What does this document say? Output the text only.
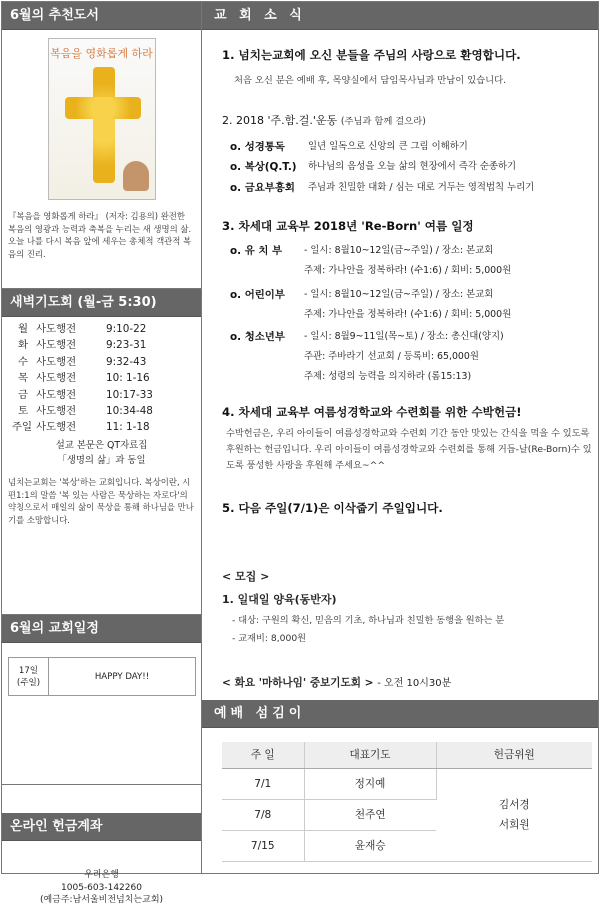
6월의 추천도서
복음을 영화롭게 하라
『복음을 영화롭게 하라』 (저자: 김용의) 완전한 복음의 영광과 능력과 축복을 누리는 새 생명의 삶. 오늘 나를 다시 복음 앞에 세우는 총체적 객관적 복음의 진리.
새벽기도회 (월-금 5:30)
월 사도행전	9:10-22
화 사도행전	9:23-31
수 사도행전	9:32-43
목 사도행전	10: 1-16
금 사도행전	10:17-33
토 사도행전	10:34-48
주일 사도행전	11: 1-18
설교 본문은 QT자료집
「생명의 삶」과 동일
넘치는교회는 '복상'하는 교회입니다. 복상이란, 시편1:1의 말씀 '복 있는 사람은 묵상하는 자로다'의 약칭으로서 매일의 삶이 묵상을 통해 하나님을 만나기를 소망합니다.
6월의 교회일정
17일
(주일)
	HAPPY DAY!!
온라인 헌금계좌
우리은행
1005-603-142260
(예금주:남서울비전넘치는교회)
교 회 소 식
1. 넘치는교회에 오신 분들을 주님의 사랑으로 환영합니다.
처음 오신 분은 예배 후, 목양실에서 담임목사님과 만남이 있습니다.
2. 2018 '주.함.걸.'운동 (주님과 함께 걸으라)
o. 성경통독	일년 일독으로 신앙의 큰 그림 이해하기
o. 복상(Q.T.)	하나님의 음성을 오늘 삶의 현장에서 즉각 순종하기
o. 금요부흥회	주님과 친밀한 대화 / 심는 대로 거두는 영적법칙 누리기
3. 차세대 교육부 2018년 'Re-Born' 여름 일정
o. 유 치 부	- 일시: 8월10~12일(금~주일) / 장소: 본교회
주제: 가나안을 정복하라! (수1:6) / 회비: 5,000원
o. 어린이부	- 일시: 8월10~12일(금~주일) / 장소: 본교회
주제: 가나안을 정복하라! (수1:6) / 회비: 5,000원
o. 청소년부	- 일시: 8월9~11일(목~토) / 장소: 총신대(양지)
주관: 주바라기 선교회 / 등록비: 65,000원
주제: 성령의 능력을 의지하라 (롬15:13)
4. 차세대 교육부 여름성경학교와 수련회를 위한 수박헌금!
수박헌금은, 우리 아이들이 여름성경학교와 수련회 기간 동안 맛있는 간식을 먹을 수 있도록 후원하는 헌금입니다. 우리 아이들이 여름성경학교와 수련회를 통해 거듭-날(Re-Born)수 있도록 풍성한 사랑을 후원해 주세요~^^
5. 다음 주일(7/1)은 이삭줍기 주일입니다.
< 모집 >
1. 일대일 양육(동반자)
- 대상: 구원의 확신, 믿음의 기초, 하나님과 친밀한 동행을 원하는 분
- 교재비: 8,000원
< 화요 '마하나임' 중보기도회 > - 오전 10시30분
예배 섬김이
주 일	대표기도	헌금위원
7/1	정지예	김서경
서희원

7/8	천주연	
7/15	윤재승	
